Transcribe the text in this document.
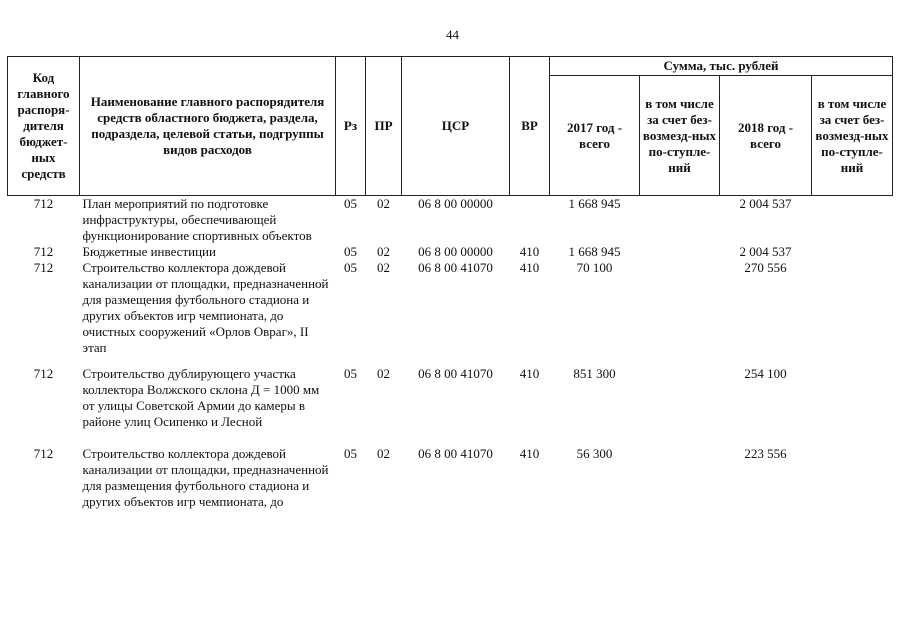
44
Код главного распоря-дителя бюджет-ных средств	Наименование главного распорядителя средств областного бюджета, раздела, подраздела, целевой статьи, подгруппы видов расходов	Рз	ПР	ЦСР	ВР	Сумма, тыс. рублей			
						2017 год - всего	в том числе за счет без-возмезд-ных по-ступле-ний	2018 год - всего	в том числе за счет без-возмезд-ных по-ступле-ний
712	План мероприятий по подготовке инфраструктуры, обеспечивающей функционирование спортивных объектов	05	02	06 8 00 00000		1 668 945		2 004 537	
712	Бюджетные инвестиции	05	02	06 8 00 00000	410	1 668 945		2 004 537	
712	Строительство коллектора дождевой канализации от площадки, предназначенной для размещения футбольного стадиона и других объектов игр чемпионата, до очистных сооружений «Орлов Овраг», II этап	05	02	06 8 00 41070	410	70 100		270 556	
712	Строительство дублирующего участка коллектора Волжского склона Д = 1000 мм от улицы Советской Армии до камеры в районе улиц Осипенко и Лесной	05	02	06 8 00 41070	410	851 300		254 100	
712	Строительство коллектора дождевой канализации от площадки, предназначенной для размещения футбольного стадиона и других объектов игр чемпионата, до	05	02	06 8 00 41070	410	56 300		223 556	
